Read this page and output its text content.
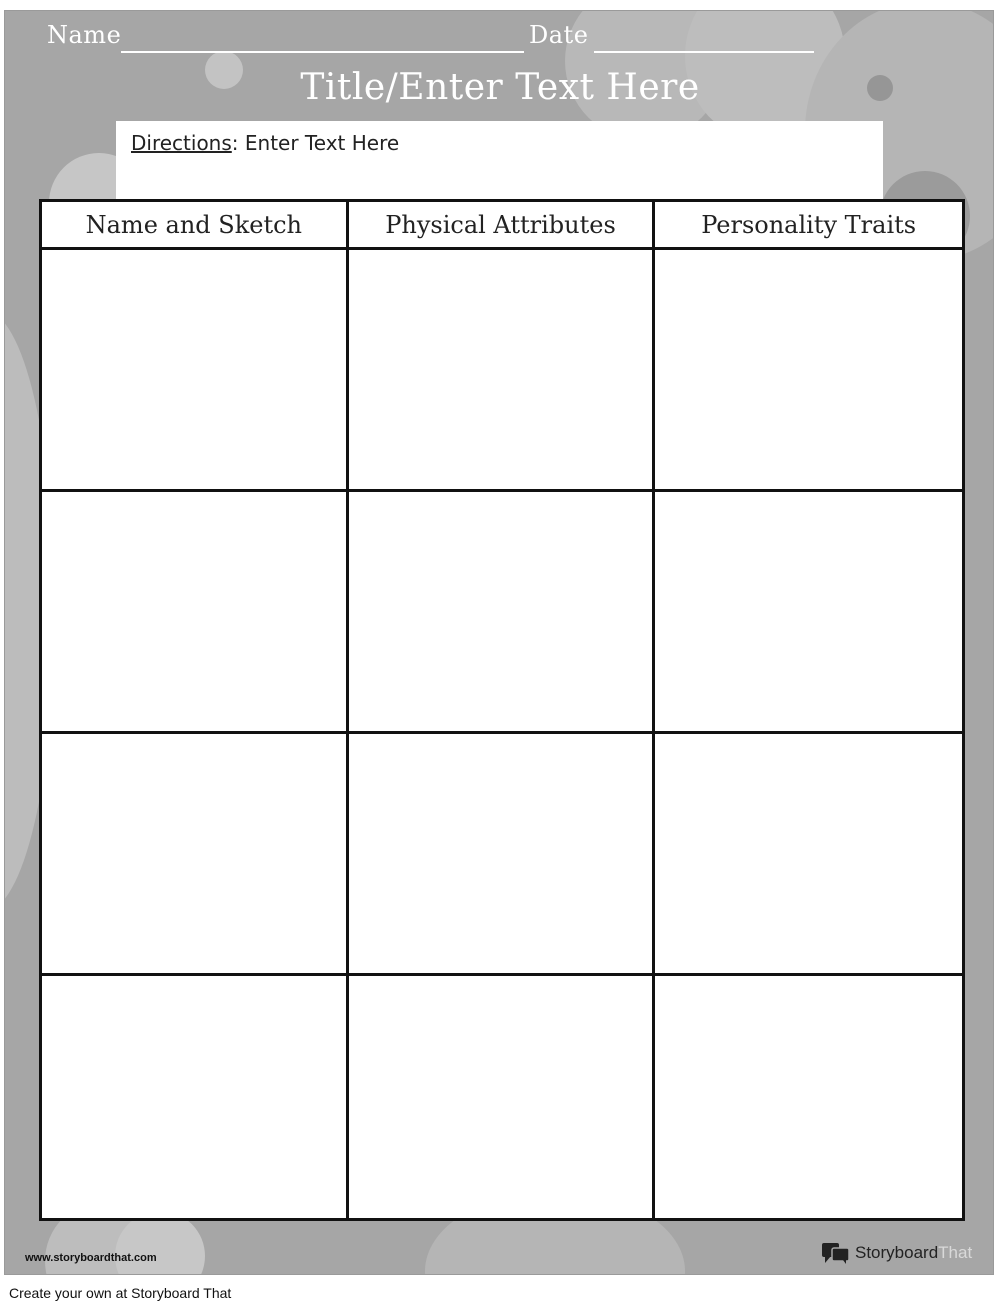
Name	Date
Title/Enter Text Here
Directions: Enter Text Here
Name and Sketch	Physical Attributes	Personality Traits
www.storyboardthat.com	StoryboardThat
Create your own at Storyboard That
